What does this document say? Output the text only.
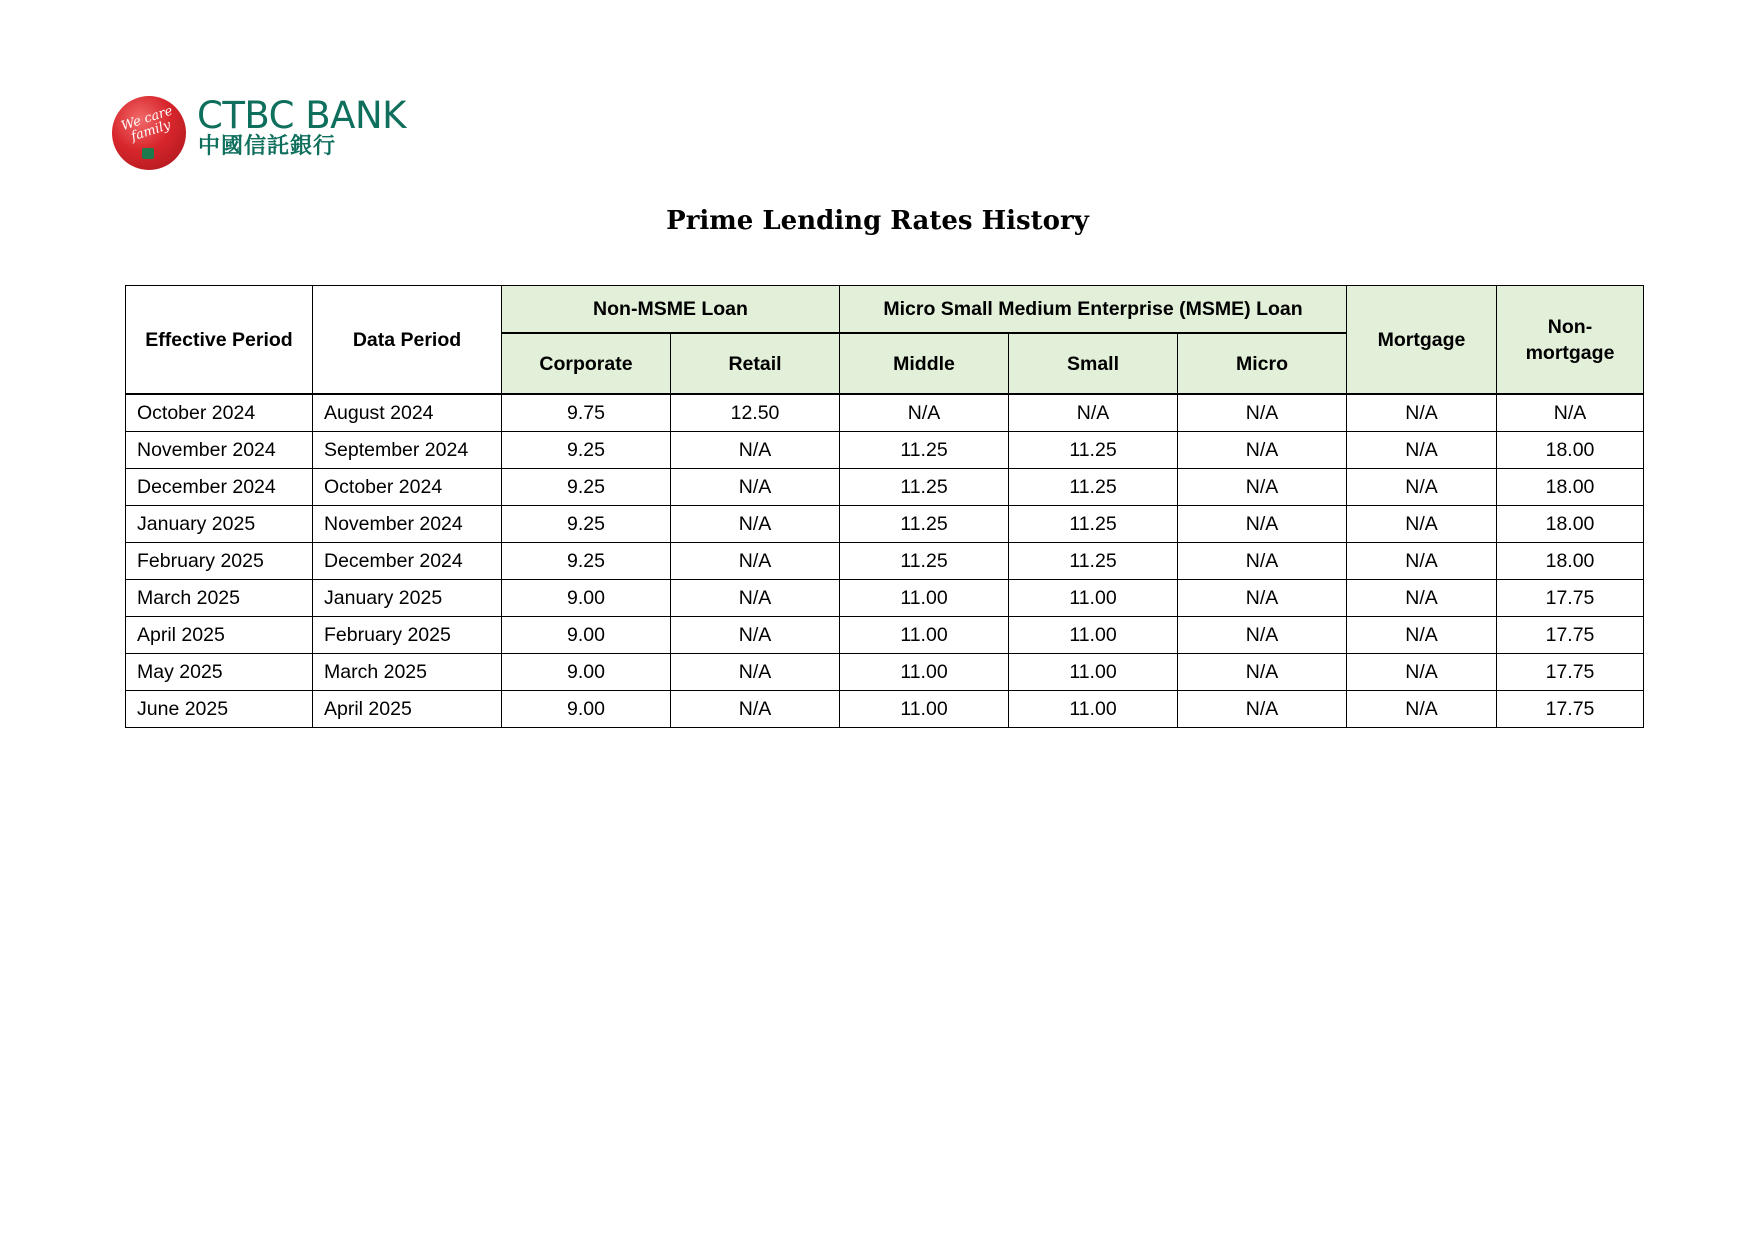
We care family CTBC BANK
中國信託銀行
Prime Lending Rates History
Effective Period	Data Period	Non-MSME Loan		Micro Small Medium Enterprise (MSME) Loan			Mortgage	Non-mortgage
		Corporate	Retail	Middle	Small	Micro		
October 2024	August 2024	9.75	12.50	N/A	N/A	N/A	N/A	N/A
November 2024	September 2024	9.25	N/A	11.25	11.25	N/A	N/A	18.00
December 2024	October 2024	9.25	N/A	11.25	11.25	N/A	N/A	18.00
January 2025	November 2024	9.25	N/A	11.25	11.25	N/A	N/A	18.00
February 2025	December 2024	9.25	N/A	11.25	11.25	N/A	N/A	18.00
March 2025	January 2025	9.00	N/A	11.00	11.00	N/A	N/A	17.75
April 2025	February 2025	9.00	N/A	11.00	11.00	N/A	N/A	17.75
May 2025	March 2025	9.00	N/A	11.00	11.00	N/A	N/A	17.75
June 2025	April 2025	9.00	N/A	11.00	11.00	N/A	N/A	17.75
